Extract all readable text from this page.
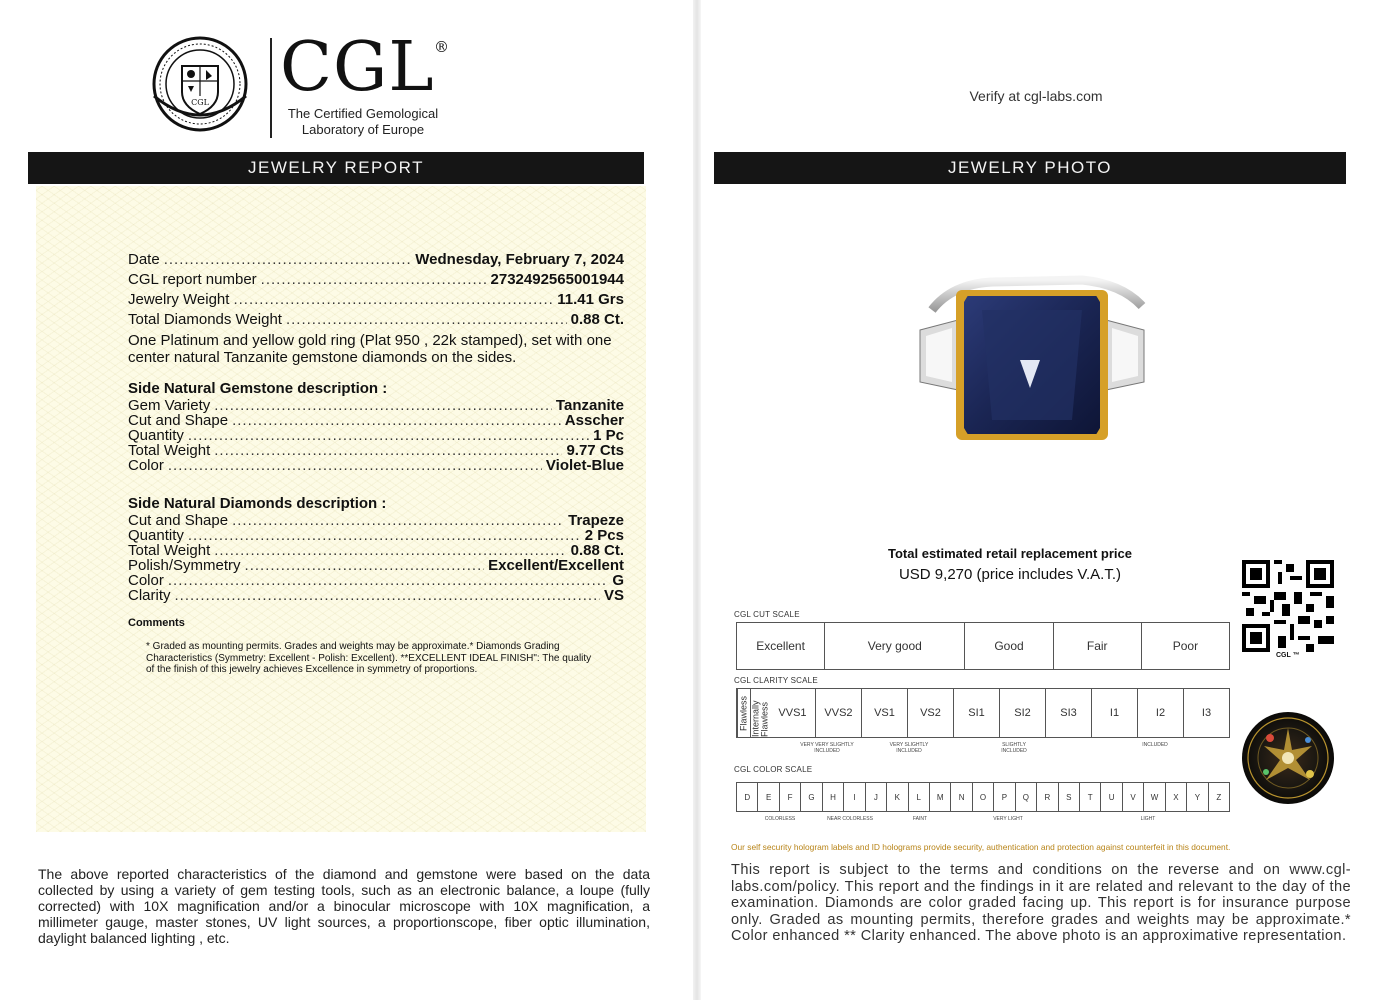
CGL CGL ®
The Certified Gemological
Laboratory of Europe
JEWELRY REPORT
Date .....	Wednesday, February 7, 2024
CGL report number .....	2732492565001944
Jewelry Weight .....	11.41 Grs
Total Diamonds Weight .....	0.88 Ct.
One Platinum and yellow gold ring (Plat 950 , 22k stamped), set with one center natural Tanzanite gemstone diamonds on the sides.
Side Natural Gemstone description :
Gem Variety .....	Tanzanite
Cut and Shape .....	Asscher
Quantity .....	1 Pc
Total Weight .....	9.77 Cts
Color .....	Violet-Blue
Side Natural Diamonds description :
Cut and Shape .....	Trapeze
Quantity .....	2 Pcs
Total Weight .....	0.88 Ct.
Polish/Symmetry .....	Excellent/Excellent
Color .....	G
Clarity .....	VS
Comments
* Graded as mounting permits. Grades and weights may be approximate.* Diamonds Grading Characteristics (Symmetry: Excellent - Polish: Excellent). **EXCELLENT IDEAL FINISH": The quality of the finish of this jewelry achieves Excellence in symmetry of proportions.
The above reported characteristics of the diamond and gemstone were based on the data collected by using a variety of gem testing tools, such as an electronic balance, a loupe (fully corrected) with 10X magnification and/or a binocular microscope with 10X magnification, a millimeter gauge, master stones, UV light sources, a proportionscope, fiber optic illumination, daylight balanced lighting , etc.
Verify at cgl-labs.com
JEWELRY PHOTO
Total estimated retail replacement price
USD 9,270 (price includes V.A.T.)
CGL ™
CGL CUT SCALE
Excellent	Very good	Good	Fair	Poor
CGL CLARITY SCALE
Flawless Internally Flawless VVS1	VVS2	VS1	VS2	SI1	SI2	SI3	I1	I2	I3
VERY VERY SLIGHTLY INCLUDED
VERY SLIGHTLY INCLUDED
SLIGHTLY INCLUDED
INCLUDED
CGL COLOR SCALE
D	E	F	G	H	I	J	K	L	M	N	O	P	Q	R	S	T	U	V	W	X	Y	Z
COLORLESS	NEAR COLORLESS	FAINT	VERY LIGHT	LIGHT
Our self security hologram labels and ID holograms provide security, authentication and protection against counterfeit in this document.
This report is subject to the terms and conditions on the reverse and on www.cgl-labs.com/policy. This report and the findings in it are related and relevant to the day of the examination. Diamonds are color graded facing up. This report is for insurance purpose only. Graded as mounting permits, therefore grades and weights may be approximate.* Color enhanced ** Clarity enhanced. The above photo is an approximative representation.
